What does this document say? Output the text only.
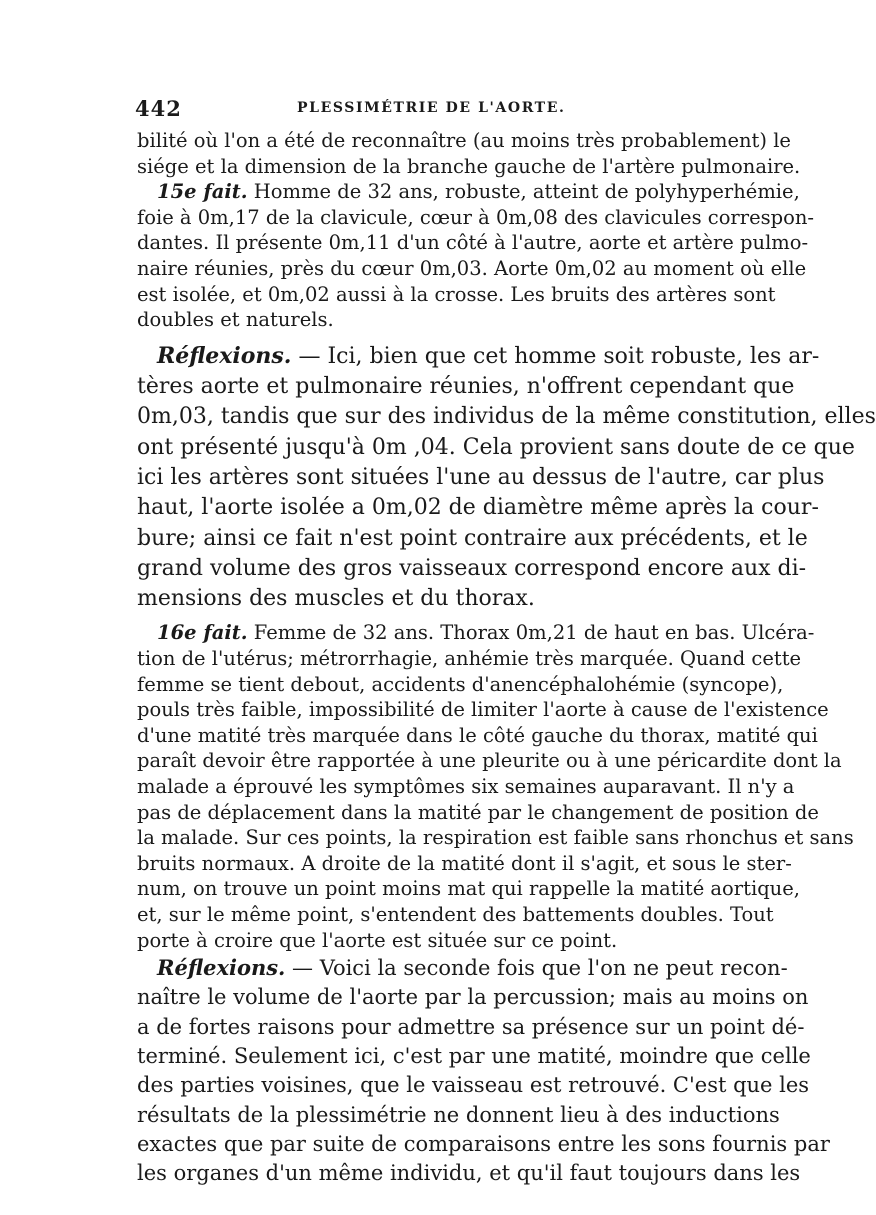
442	PLESSIMÉTRIE DE L'AORTE.
bilité où l'on a été de reconnaître (au moins très probablement) le
siége et la dimension de la branche gauche de l'artère pulmonaire.
15e fait. Homme de 32 ans, robuste, atteint de polyhyperhémie,
foie à 0m,17 de la clavicule, cœur à 0m,08 des clavicules correspon-
dantes. Il présente 0m,11 d'un côté à l'autre, aorte et artère pulmo-
naire réunies, près du cœur 0m,03. Aorte 0m,02 au moment où elle
est isolée, et 0m,02 aussi à la crosse. Les bruits des artères sont
doubles et naturels.
Réflexions. — Ici, bien que cet homme soit robuste, les ar-
tères aorte et pulmonaire réunies, n'offrent cependant que
0m,03, tandis que sur des individus de la même constitution, elles
ont présenté jusqu'à 0m ,04. Cela provient sans doute de ce que
ici les artères sont situées l'une au dessus de l'autre, car plus
haut, l'aorte isolée a 0m,02 de diamètre même après la cour-
bure; ainsi ce fait n'est point contraire aux précédents, et le
grand volume des gros vaisseaux correspond encore aux di-
mensions des muscles et du thorax.
16e fait. Femme de 32 ans. Thorax 0m,21 de haut en bas. Ulcéra-
tion de l'utérus; métrorrhagie, anhémie très marquée. Quand cette
femme se tient debout, accidents d'anencéphalohémie (syncope),
pouls très faible, impossibilité de limiter l'aorte à cause de l'existence
d'une matité très marquée dans le côté gauche du thorax, matité qui
paraît devoir être rapportée à une pleurite ou à une péricardite dont la
malade a éprouvé les symptômes six semaines auparavant. Il n'y a
pas de déplacement dans la matité par le changement de position de
la malade. Sur ces points, la respiration est faible sans rhonchus et sans
bruits normaux. A droite de la matité dont il s'agit, et sous le ster-
num, on trouve un point moins mat qui rappelle la matité aortique,
et, sur le même point, s'entendent des battements doubles. Tout
porte à croire que l'aorte est située sur ce point.
Réflexions. — Voici la seconde fois que l'on ne peut recon-
naître le volume de l'aorte par la percussion; mais au moins on
a de fortes raisons pour admettre sa présence sur un point dé-
terminé. Seulement ici, c'est par une matité, moindre que celle
des parties voisines, que le vaisseau est retrouvé. C'est que les
résultats de la plessimétrie ne donnent lieu à des inductions
exactes que par suite de comparaisons entre les sons fournis par
les organes d'un même individu, et qu'il faut toujours dans les
